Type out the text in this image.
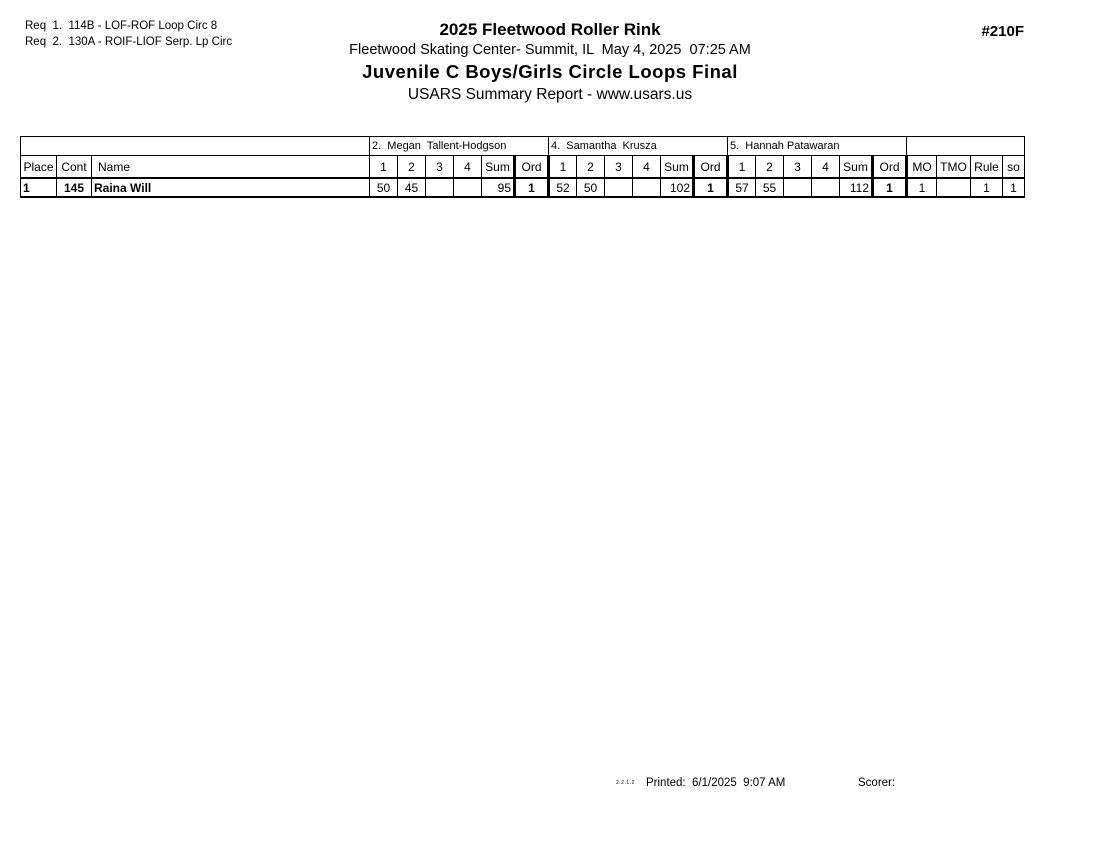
Req  1.  114B - LOF-ROF Loop Circ 8
Req  2.  130A - ROIF-LIOF Serp. Lp Circ
2025 Fleetwood Roller Rink
Fleetwood Skating Center- Summit, IL  May 4, 2025  07:25 AM
Juvenile C Boys/Girls Circle Loops Final
USARS Summary Report - www.usars.us
#210F
			2.  Megan  Tallent-Hodgson						4.  Samantha  Krusza						5.  Hannah Patawaran									
Place	Cont	Name	1	2	3	4	Sum	Ord	1	2	3	4	Sum	Ord	1	2	3	4	Sum	Ord	MO	TMO	Rule	so
1	145	Raina Will	50	45			95	1	52	50			102	1	57	55			112	1	1		1	1
2.2.1.2 Printed:  6/1/2025  9:07 AM	Scorer:
